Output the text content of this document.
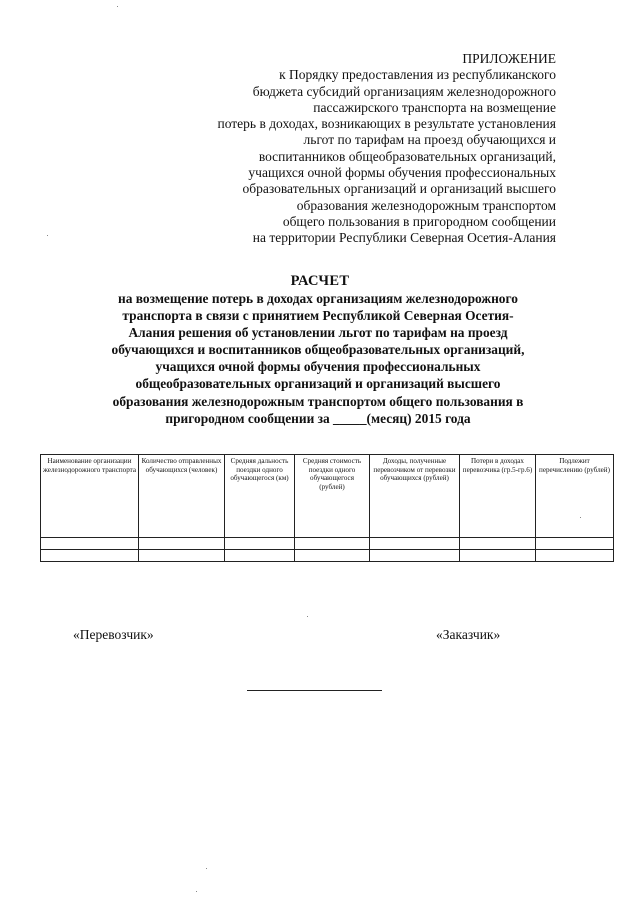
ПРИЛОЖЕНИЕ
к Порядку предоставления из республиканского
бюджета субсидий организациям железнодорожного
пассажирского транспорта на возмещение
потерь в доходах, возникающих в результате установления
льгот по тарифам на проезд обучающихся и
воспитанников общеобразовательных организаций,
учащихся очной формы обучения профессиональных
образовательных организаций и организаций высшего
образования железнодорожным транспортом
общего пользования в пригородном сообщении
на территории Республики Северная Осетия-Алания
РАСЧЕТ
на возмещение потерь в доходах организациям железнодорожного
транспорта в связи с принятием Республикой Северная Осетия-
Алания решения об установлении льгот по тарифам на проезд
обучающихся и воспитанников общеобразовательных организаций,
учащихся очной формы обучения профессиональных
общеобразовательных организаций и организаций высшего
образования железнодорожным транспортом общего пользования в
пригородном сообщении за _____(месяц) 2015 года
Наименование организации железнодорожного транспорта	Количество отправленных обучающихся (человек)	Средняя дальность поездки одного обучающегося (км)	Средняя стоимость поездки одного обучающегося (рублей)	Доходы, полученные перевозчиком от перевозки обучающихся (рублей)	Потери в доходах перевозчика (гр.5-гр.6)	Подлежит перечислению (рублей)

«Перевозчик»	«Заказчик»
